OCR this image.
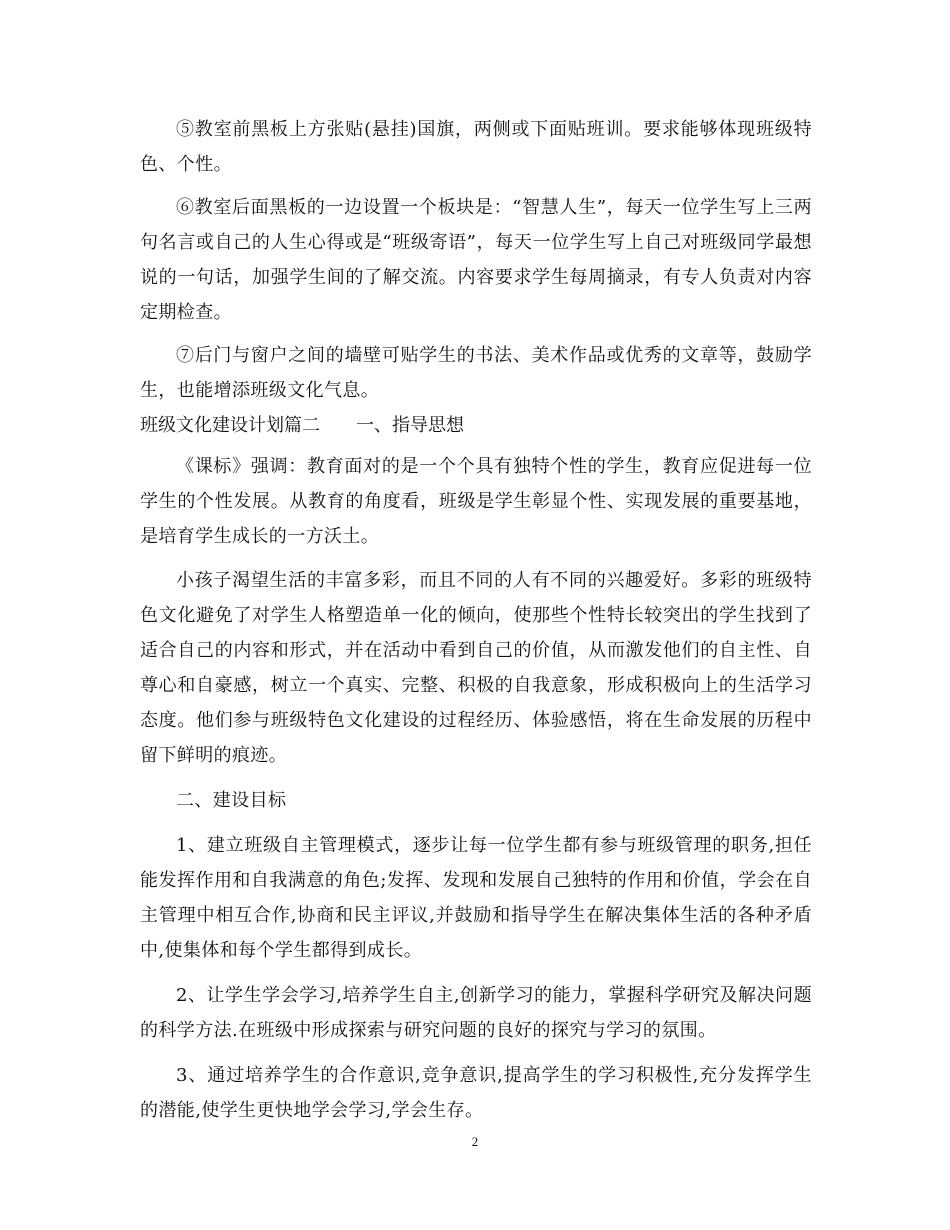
⑤教室前黑板上方张贴(悬挂)国旗，两侧或下面贴班训。要求能够体现班级特色、个性。

⑥教室后面黑板的一边设置一个板块是：“智慧人生”，每天一位学生写上三两句名言或自己的人生心得或是“班级寄语”，每天一位学生写上自己对班级同学最想说的一句话，加强学生间的了解交流。内容要求学生每周摘录，有专人负责对内容定期检查。

⑦后门与窗户之间的墙壁可贴学生的书法、美术作品或优秀的文章等，鼓励学生，也能增添班级文化气息。

班级文化建设计划篇二　　一、指导思想

《课标》强调：教育面对的是一个个具有独特个性的学生，教育应促进每一位学生的个性发展。从教育的角度看，班级是学生彰显个性、实现发展的重要基地，是培育学生成长的一方沃土。

小孩子渴望生活的丰富多彩，而且不同的人有不同的兴趣爱好。多彩的班级特色文化避免了对学生人格塑造单一化的倾向，使那些个性特长较突出的学生找到了适合自己的内容和形式，并在活动中看到自己的价值，从而激发他们的自主性、自尊心和自豪感，树立一个真实、完整、积极的自我意象，形成积极向上的生活学习态度。他们参与班级特色文化建设的过程经历、体验感悟，将在生命发展的历程中留下鲜明的痕迹。

二、建设目标

1、建立班级自主管理模式，逐步让每一位学生都有参与班级管理的职务,担任能发挥作用和自我满意的角色;发挥、发现和发展自己独特的作用和价值，学会在自主管理中相互合作,协商和民主评议,并鼓励和指导学生在解决集体生活的各种矛盾中,使集体和每个学生都得到成长。

2、让学生学会学习,培养学生自主,创新学习的能力，掌握科学研究及解决问题的科学方法.在班级中形成探索与研究问题的良好的探究与学习的氛围。

3、通过培养学生的合作意识,竞争意识,提高学生的学习积极性,充分发挥学生的潜能,使学生更快地学会学习,学会生存。

2
